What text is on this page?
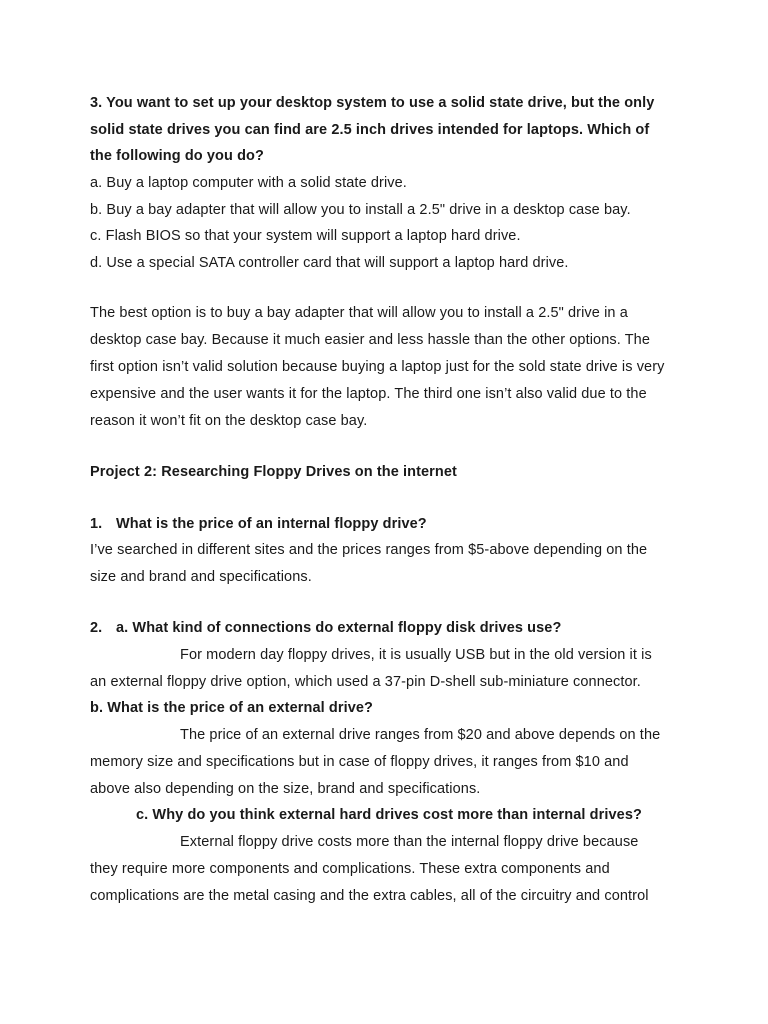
3. You want to set up your desktop system to use a solid state drive, but the only
solid state drives you can find are 2.5 inch drives intended for laptops. Which of
the following do you do?
a. Buy a laptop computer with a solid state drive.
b. Buy a bay adapter that will allow you to install a 2.5" drive in a desktop case bay.
c. Flash BIOS so that your system will support a laptop hard drive.
d. Use a special SATA controller card that will support a laptop hard drive.
The best option is to buy a bay adapter that will allow you to install a 2.5" drive in a
desktop case bay. Because it much easier and less hassle than the other options. The
first option isn’t valid solution because buying a laptop just for the sold state drive is very
expensive and the user wants it for the laptop. The third one isn’t also valid due to the
reason it won’t fit on the desktop case bay.
Project 2: Researching Floppy Drives on the internet
1. What is the price of an internal floppy drive?
I’ve searched in different sites and the prices ranges from $5-above depending on the
size and brand and specifications.
2. a. What kind of connections do external floppy disk drives use?
For modern day floppy drives, it is usually USB but in the old version it is
an external floppy drive option, which used a 37-pin D-shell sub-miniature connector.
b. What is the price of an external drive?
The price of an external drive ranges from $20 and above depends on the
memory size and specifications but in case of floppy drives, it ranges from $10 and
above also depending on the size, brand and specifications.
c. Why do you think external hard drives cost more than internal drives?
External floppy drive costs more than the internal floppy drive because
they require more components and complications. These extra components and
complications are the metal casing and the extra cables, all of the circuitry and control
